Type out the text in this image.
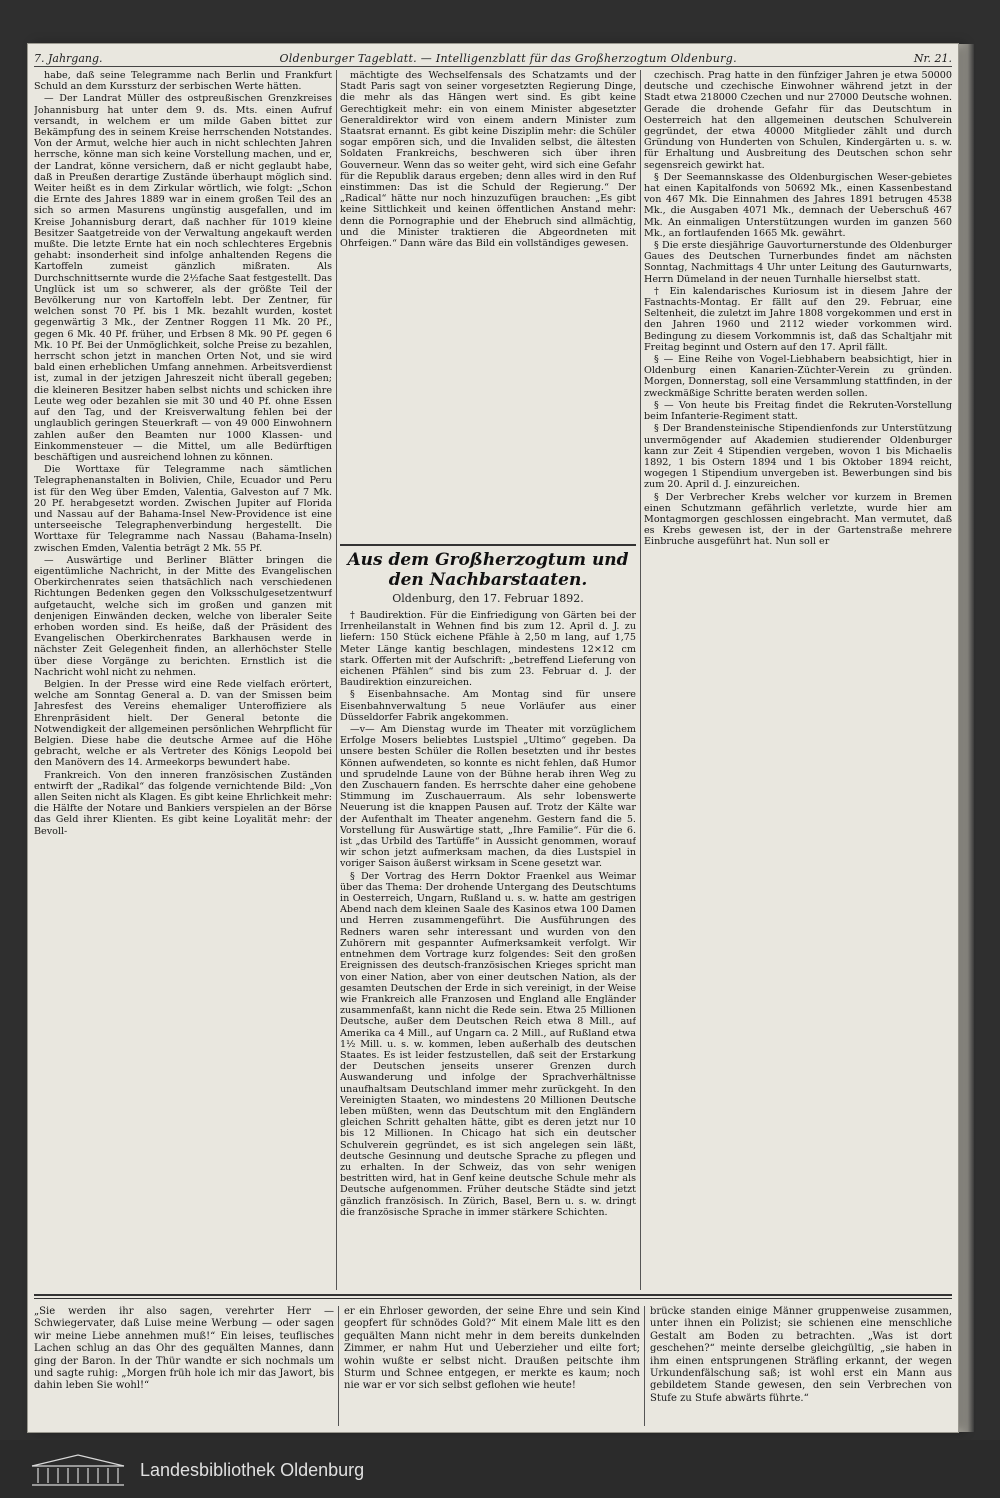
7. Jahrgang.	Oldenburger Tageblatt. — Intelligenzblatt für das Großherzogtum Oldenburg.	Nr. 21.

habe, daß seine Telegramme nach Berlin und Frankfurt Schuld an dem Kurssturz der serbischen Werte hätten.

— Der Landrat Müller des ostpreußischen Grenzkreises Johannisburg hat unter dem 9. ds. Mts. einen Aufruf versandt, in welchem er um milde Gaben bittet zur Bekämpfung des in seinem Kreise herrschenden Notstandes. Von der Armut, welche hier auch in nicht schlechten Jahren herrsche, könne man sich keine Vorstellung machen, und er, der Landrat, könne versichern, daß er nicht geglaubt habe, daß in Preußen derartige Zustände überhaupt möglich sind. Weiter heißt es in dem Zirkular wörtlich, wie folgt: „Schon die Ernte des Jahres 1889 war in einem großen Teil des an sich so armen Masurens ungünstig ausgefallen, und im Kreise Johannisburg derart, daß nachher für 1019 kleine Besitzer Saatgetreide von der Verwaltung angekauft werden mußte. Die letzte Ernte hat ein noch schlechteres Ergebnis gehabt: insonderheit sind infolge anhaltenden Regens die Kartoffeln zumeist gänzlich mißraten. Als Durchschnittsernte wurde die 2½fache Saat festgestellt. Das Unglück ist um so schwerer, als der größte Teil der Bevölkerung nur von Kartoffeln lebt. Der Zentner, für welchen sonst 70 Pf. bis 1 Mk. bezahlt wurden, kostet gegenwärtig 3 Mk., der Zentner Roggen 11 Mk. 20 Pf., gegen 6 Mk. 40 Pf. früher, und Erbsen 8 Mk. 90 Pf. gegen 6 Mk. 10 Pf. Bei der Unmöglichkeit, solche Preise zu bezahlen, herrscht schon jetzt in manchen Orten Not, und sie wird bald einen erheblichen Umfang annehmen. Arbeitsverdienst ist, zumal in der jetzigen Jahreszeit nicht überall gegeben; die kleineren Besitzer haben selbst nichts und schicken ihre Leute weg oder bezahlen sie mit 30 und 40 Pf. ohne Essen auf den Tag, und der Kreisverwaltung fehlen bei der unglaublich geringen Steuerkraft — von 49 000 Einwohnern zahlen außer den Beamten nur 1000 Klassen- und Einkommensteuer — die Mittel, um alle Bedürftigen beschäftigen und ausreichend lohnen zu können.

Die Worttaxe für Telegramme nach sämtlichen Telegraphenanstalten in Bolivien, Chile, Ecuador und Peru ist für den Weg über Emden, Valentia, Galveston auf 7 Mk. 20 Pf. herabgesetzt worden. Zwischen Jupiter auf Florida und Nassau auf der Bahama-Insel New-Providence ist eine unterseeische Telegraphenverbindung hergestellt. Die Worttaxe für Telegramme nach Nassau (Bahama-Inseln) zwischen Emden, Valentia beträgt 2 Mk. 55 Pf.

— Auswärtige und Berliner Blätter bringen die eigentümliche Nachricht, in der Mitte des Evangelischen Oberkirchenrates seien thatsächlich nach verschiedenen Richtungen Bedenken gegen den Volksschulgesetzentwurf aufgetaucht, welche sich im großen und ganzen mit denjenigen Einwänden decken, welche von liberaler Seite erhoben worden sind. Es heiße, daß der Präsident des Evangelischen Oberkirchenrates Barkhausen werde in nächster Zeit Gelegenheit finden, an allerhöchster Stelle über diese Vorgänge zu berichten. Ernstlich ist die Nachricht wohl nicht zu nehmen.

Belgien. In der Presse wird eine Rede vielfach erörtert, welche am Sonntag General a. D. van der Smissen beim Jahresfest des Vereins ehemaliger Unteroffiziere als Ehrenpräsident hielt. Der General betonte die Notwendigkeit der allgemeinen persönlichen Wehrpflicht für Belgien. Diese habe die deutsche Armee auf die Höhe gebracht, welche er als Vertreter des Königs Leopold bei den Manövern des 14. Armeekorps bewundert habe.

Frankreich. Von den inneren französischen Zuständen entwirft der „Radikal“ das folgende vernichtende Bild: „Von allen Seiten nicht als Klagen. Es gibt keine Ehrlichkeit mehr: die Hälfte der Notare und Bankiers verspielen an der Börse das Geld ihrer Klienten. Es gibt keine Loyalität mehr: der Bevoll-

mächtigte des Wechselfensals des Schatzamts und der Stadt Paris sagt von seiner vorgesetzten Regierung Dinge, die mehr als das Hängen wert sind. Es gibt keine Gerechtigkeit mehr: ein von einem Minister abgesetzter Generaldirektor wird von einem andern Minister zum Staatsrat ernannt. Es gibt keine Disziplin mehr: die Schüler sogar empören sich, und die Invaliden selbst, die ältesten Soldaten Frankreichs, beschweren sich über ihren Gouverneur. Wenn das so weiter geht, wird sich eine Gefahr für die Republik daraus ergeben; denn alles wird in den Ruf einstimmen: Das ist die Schuld der Regierung.“ Der „Radical“ hätte nur noch hinzuzufügen brauchen: „Es gibt keine Sittlichkeit und keinen öffentlichen Anstand mehr: denn die Pornographie und der Ehebruch sind allmächtig, und die Minister traktieren die Abgeordneten mit Ohrfeigen.“ Dann wäre das Bild ein vollständiges gewesen.

Aus dem Großherzogtum und den Nachbarstaaten.
Oldenburg, den 17. Februar 1892.

† Baudirektion. Für die Einfriedigung von Gärten bei der Irrenheilanstalt in Wehnen find bis zum 12. April d. J. zu liefern: 150 Stück eichene Pfähle à 2,50 m lang, auf 1,75 Meter Länge kantig beschlagen, mindestens 12×12 cm stark. Offerten mit der Aufschrift: „betreffend Lieferung von eichenen Pfählen“ sind bis zum 23. Februar d. J. der Baudirektion einzureichen.

§ Eisenbahnsache. Am Montag sind für unsere Eisenbahnverwaltung 5 neue Vorläufer aus einer Düsseldorfer Fabrik angekommen.

—v— Am Dienstag wurde im Theater mit vorzüglichem Erfolge Mosers beliebtes Lustspiel „Ultimo“ gegeben. Da unsere besten Schüler die Rollen besetzten und ihr bestes Können aufwendeten, so konnte es nicht fehlen, daß Humor und sprudelnde Laune von der Bühne herab ihren Weg zu den Zuschauern fanden. Es herrschte daher eine gehobene Stimmung im Zuschauerraum. Als sehr lobenswerte Neuerung ist die knappen Pausen auf. Trotz der Kälte war der Aufenthalt im Theater angenehm. Gestern fand die 5. Vorstellung für Auswärtige statt, „Ihre Familie“. Für die 6. ist „das Urbild des Tartüffe“ in Aussicht genommen, worauf wir schon jetzt aufmerksam machen, da dies Lustspiel in voriger Saison äußerst wirksam in Scene gesetzt war.

§ Der Vortrag des Herrn Doktor Fraenkel aus Weimar über das Thema: Der drohende Untergang des Deutschtums in Oesterreich, Ungarn, Rußland u. s. w. hatte am gestrigen Abend nach dem kleinen Saale des Kasinos etwa 100 Damen und Herren zusammengeführt. Die Ausführungen des Redners waren sehr interessant und wurden von den Zuhörern mit gespannter Aufmerksamkeit verfolgt. Wir entnehmen dem Vortrage kurz folgendes: Seit den großen Ereignissen des deutsch-französischen Krieges spricht man von einer Nation, aber von einer deutschen Nation, als der gesamten Deutschen der Erde in sich vereinigt, in der Weise wie Frankreich alle Franzosen und England alle Engländer zusammenfaßt, kann nicht die Rede sein. Etwa 25 Millionen Deutsche, außer dem Deutschen Reich etwa 8 Mill., auf Amerika ca 4 Mill., auf Ungarn ca. 2 Mill., auf Rußland etwa 1½ Mill. u. s. w. kommen, leben außerhalb des deutschen Staates. Es ist leider festzustellen, daß seit der Erstarkung der Deutschen jenseits unserer Grenzen durch Auswanderung und infolge der Sprachverhältnisse unaufhaltsam Deutschland immer mehr zurückgeht. In den Vereinigten Staaten, wo mindestens 20 Millionen Deutsche leben müßten, wenn das Deutschtum mit den Engländern gleichen Schritt gehalten hätte, gibt es deren jetzt nur 10 bis 12 Millionen. In Chicago hat sich ein deutscher Schulverein gegründet, es ist sich angelegen sein läßt, deutsche Gesinnung und deutsche Sprache zu pflegen und zu erhalten. In der Schweiz, das von sehr wenigen bestritten wird, hat in Genf keine deutsche Schule mehr als Deutsche aufgenommen. Früher deutsche Städte sind jetzt gänzlich französisch. In Zürich, Basel, Bern u. s. w. dringt die französische Sprache in immer stärkere Schichten.

czechisch. Prag hatte in den fünfziger Jahren je etwa 50000 deutsche und czechische Einwohner während jetzt in der Stadt etwa 218000 Czechen und nur 27000 Deutsche wohnen. Gerade die drohende Gefahr für das Deutschtum in Oesterreich hat den allgemeinen deutschen Schulverein gegründet, der etwa 40000 Mitglieder zählt und durch Gründung von Hunderten von Schulen, Kindergärten u. s. w. für Erhaltung und Ausbreitung des Deutschen schon sehr segensreich gewirkt hat.

§ Der Seemannskasse des Oldenburgischen Weser-gebietes hat einen Kapitalfonds von 50692 Mk., einen Kassenbestand von 467 Mk. Die Einnahmen des Jahres 1891 betrugen 4538 Mk., die Ausgaben 4071 Mk., demnach der Ueberschuß 467 Mk. An einmaligen Unterstützungen wurden im ganzen 560 Mk., an fortlaufenden 1665 Mk. gewährt.

§ Die erste diesjährige Gauvorturnerstunde des Oldenburger Gaues des Deutschen Turnerbundes findet am nächsten Sonntag, Nachmittags 4 Uhr unter Leitung des Gauturnwarts, Herrn Dümeland in der neuen Turnhalle hierselbst statt.

† Ein kalendarisches Kuriosum ist in diesem Jahre der Fastnachts-Montag. Er fällt auf den 29. Februar, eine Seltenheit, die zuletzt im Jahre 1808 vorgekommen und erst in den Jahren 1960 und 2112 wieder vorkommen wird. Bedingung zu diesem Vorkommnis ist, daß das Schaltjahr mit Freitag beginnt und Ostern auf den 17. April fällt.

§ — Eine Reihe von Vogel-Liebhabern beabsichtigt, hier in Oldenburg einen Kanarien-Züchter-Verein zu gründen. Morgen, Donnerstag, soll eine Versammlung stattfinden, in der zweckmäßige Schritte beraten werden sollen.

§ — Von heute bis Freitag findet die Rekruten-Vorstellung beim Infanterie-Regiment statt.

§ Der Brandensteinische Stipendienfonds zur Unterstützung unvermögender auf Akademien studierender Oldenburger kann zur Zeit 4 Stipendien vergeben, wovon 1 bis Michaelis 1892, 1 bis Ostern 1894 und 1 bis Oktober 1894 reicht, wogegen 1 Stipendium unvergeben ist. Bewerbungen sind bis zum 20. April d. J. einzureichen.

§ Der Verbrecher Krebs welcher vor kurzem in Bremen einen Schutzmann gefährlich verletzte, wurde hier am Montagmorgen geschlossen eingebracht. Man vermutet, daß es Krebs gewesen ist, der in der Gartenstraße mehrere Einbruche ausgeführt hat. Nun soll er

„Sie werden ihr also sagen, verehrter Herr — Schwiegervater, daß Luise meine Werbung — oder sagen wir meine Liebe annehmen muß!“ Ein leises, teuflisches Lachen schlug an das Ohr des gequälten Mannes, dann ging der Baron. In der Thür wandte er sich nochmals um und sagte ruhig: „Morgen früh hole ich mir das Jawort, bis dahin leben Sie wohl!“
er ein Ehrloser geworden, der seine Ehre und sein Kind geopfert für schnödes Gold?“ Mit einem Male litt es den gequälten Mann nicht mehr in dem bereits dunkelnden Zimmer, er nahm Hut und Ueberzieher und eilte fort; wohin wußte er selbst nicht. Draußen peitschte ihm Sturm und Schnee entgegen, er merkte es kaum; noch nie war er vor sich selbst geflohen wie heute!
brücke standen einige Männer gruppenweise zusammen, unter ihnen ein Polizist; sie schienen eine menschliche Gestalt am Boden zu betrachten. „Was ist dort geschehen?“ meinte derselbe gleichgültig, „sie haben in ihm einen entsprungenen Sträfling erkannt, der wegen Urkundenfälschung saß; ist wohl erst ein Mann aus gebildetem Stande gewesen, den sein Verbrechen von Stufe zu Stufe abwärts führte.“
Landesbibliothek Oldenburg
